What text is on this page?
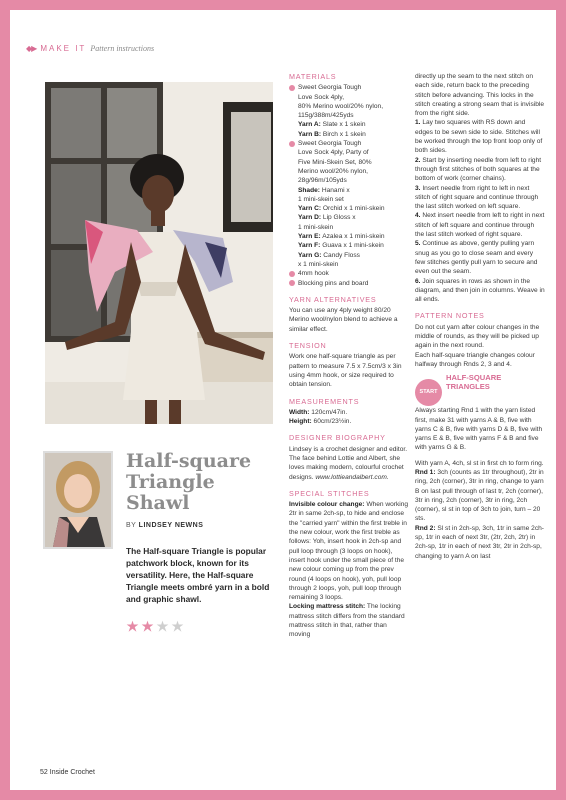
◆▶ MAKE IT Pattern instructions
Half-square
Triangle
Shawl
BY LINDSEY NEWNS
The Half-square Triangle is popular patchwork block, known for its versatility. Here, the Half-square Triangle meets ombré yarn in a bold and graphic shawl.
MATERIALS
Sweet Georgia Tough
Love Sock 4ply,
80% Merino wool/20% nylon,
115g/388m/425yds
Yarn A: Slate x 1 skein
Yarn B: Birch x 1 skein
Sweet Georgia Tough
Love Sock 4ply, Party of
Five Mini-Skein Set, 80%
Merino wool/20% nylon,
28g/96m/105yds
Shade: Hanami x
1 mini-skein set
Yarn C: Orchid x 1 mini-skein
Yarn D: Lip Gloss x
1 mini-skein
Yarn E: Azalea x 1 mini-skein
Yarn F: Guava x 1 mini-skein
Yarn G: Candy Floss
x 1 mini-skein
4mm hook
Blocking pins and board
YARN ALTERNATIVES

You can use any 4ply weight 80/20 Merino wool/nylon blend to achieve a similar effect.

TENSION

Work one half-square triangle as per pattern to measure 7.5 x 7.5cm/3 x 3in using 4mm hook, or size required to obtain tension.

MEASUREMENTS
Width: 120cm/47in.
Height: 60cm/23½in.
DESIGNER BIOGRAPHY

Lindsey is a crochet designer and editor. The face behind Lottie and Albert, she loves making modern, colourful crochet designs. www.lottieandalbert.com.

SPECIAL STITCHES

Invisible colour change: When working 2tr in same 2ch-sp, to hide and enclose the "carried yarn" within the first treble in the new colour, work the first treble as follows: Yoh, insert hook in 2ch-sp and pull loop through (3 loops on hook), insert hook under the small piece of the new colour coming up from the prev round (4 loops on hook), yoh, pull loop through 2 loops, yoh, pull loop through remaining 3 loops.

Locking mattress stitch: The locking mattress stitch differs from the standard mattress stitch in that, rather than moving

directly up the seam to the next stitch on each side, return back to the preceding stitch before advancing. This locks in the stitch creating a strong seam that is invisible from the right side.

1. Lay two squares with RS down and edges to be sewn side to side. Stitches will be worked through the top front loop only of both sides.

2. Start by inserting needle from left to right through first stitches of both squares at the bottom of work (corner chains).

3. Insert needle from right to left in next stitch of right square and continue through the last stitch worked on left square.

4. Next insert needle from left to right in next stitch of left square and continue through the last stitch worked of right square.

5. Continue as above, gently pulling yarn snug as you go to close seam and every few stitches gently pull yarn to secure and even out the seam.

6. Join squares in rows as shown in the diagram, and then join in columns. Weave in all ends.

PATTERN NOTES

Do not cut yarn after colour changes in the middle of rounds, as they will be picked up again in the next round.

Each half-square triangle changes colour halfway through Rnds 2, 3 and 4.

START
HALF-SQUARE
TRIANGLES

Always starting Rnd 1 with the yarn listed first, make 31 with yarns A & B, five with yarns C & B, five with yarns D & B, five with yarns E & B, five with yarns F & B and five with yarns G & B.

With yarn A, 4ch, sl st in first ch to form ring.

Rnd 1: 3ch (counts as 1tr throughout), 2tr in ring, 2ch (corner), 3tr in ring, change to yarn B on last pull through of last tr, 2ch (corner), 3tr in ring, 2ch (corner), 3tr in ring, 2ch (corner), sl st in top of 3ch to join, turn – 20 sts.

Rnd 2: Sl st in 2ch-sp, 3ch, 1tr in same 2ch-sp, 1tr in each of next 3tr, (2tr, 2ch, 2tr) in 2ch-sp, 1tr in each of next 3tr, 2tr in 2ch-sp, changing to yarn A on last

52 Inside Crochet
PassionForum.ru
